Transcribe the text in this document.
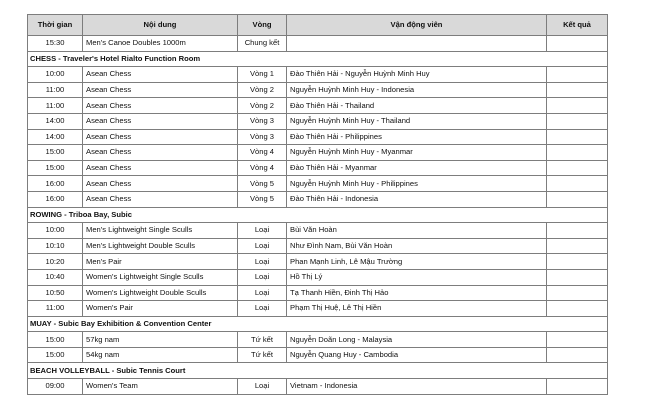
Thời gian	Nội dung	Vòng	Vận động viên	Kết quả
15:30	Men's Canoe Doubles 1000m	Chung kết		
CHESS - Traveler's Hotel Rialto Function Room				
10:00	Asean Chess	Vòng 1	Đào Thiên Hải - Nguyễn Huỳnh Minh Huy	
11:00	Asean Chess	Vòng 2	Nguyễn Huỳnh Minh Huy - Indonesia	
11:00	Asean Chess	Vòng 2	Đào Thiên Hải - Thailand	
14:00	Asean Chess	Vòng 3	Nguyễn Huỳnh Minh Huy - Thailand	
14:00	Asean Chess	Vòng 3	Đào Thiên Hải - Philippines	
15:00	Asean Chess	Vòng 4	Nguyễn Huỳnh Minh Huy - Myanmar	
15:00	Asean Chess	Vòng 4	Đào Thiên Hải - Myanmar	
16:00	Asean Chess	Vòng 5	Nguyễn Huỳnh Minh Huy - Philippines	
16:00	Asean Chess	Vòng 5	Đào Thiên Hải - Indonesia	
ROWING - Triboa Bay, Subic				
10:00	Men's Lightweight Single Sculls	Loại	Bùi Văn Hoàn	
10:10	Men's Lightweight Double Sculls	Loại	Như Đình Nam, Bùi Văn Hoàn	
10:20	Men's Pair	Loại	Phan Mạnh Linh, Lê Mậu Trường	
10:40	Women's Lightweight Single Sculls	Loại	Hồ Thị Lý	
10:50	Women's Lightweight Double Sculls	Loại	Tạ Thanh Hiền, Đinh Thị Hảo	
11:00	Women's Pair	Loại	Phạm Thị Huệ, Lê Thị Hiền	
MUAY - Subic Bay Exhibition & Convention Center				
15:00	57kg nam	Tứ kết	Nguyễn Doãn Long - Malaysia	
15:00	54kg nam	Tứ kết	Nguyễn Quang Huy - Cambodia	
BEACH VOLLEYBALL - Subic Tennis Court				
09:00	Women's Team	Loại	Vietnam - Indonesia	
